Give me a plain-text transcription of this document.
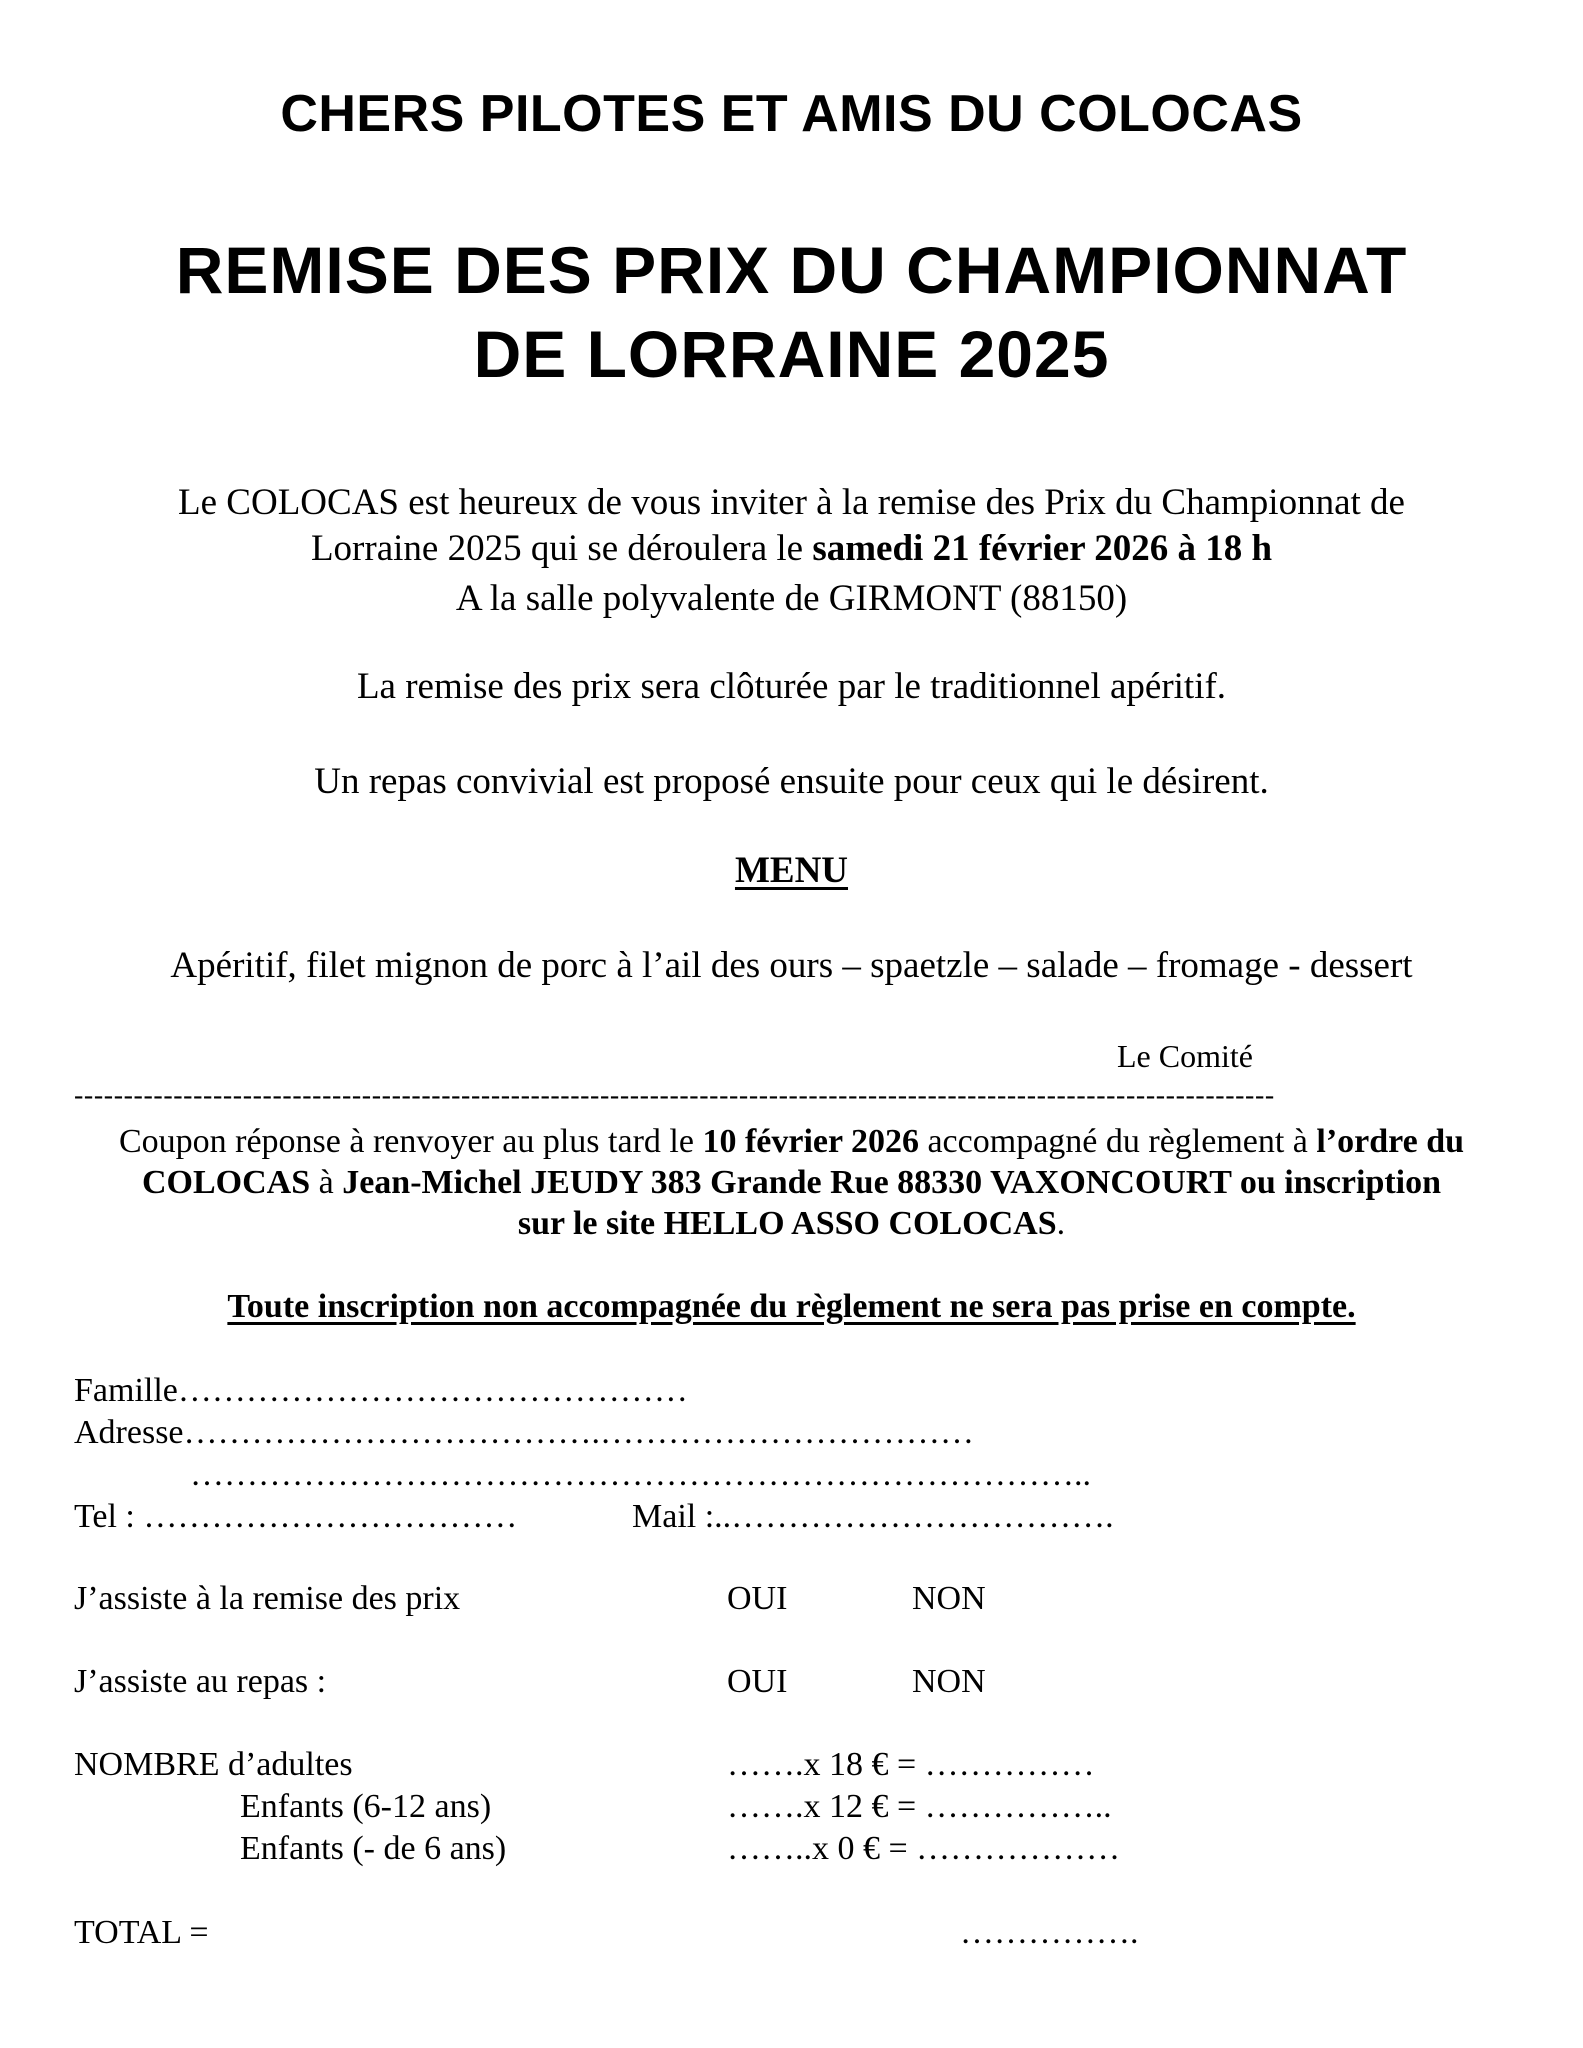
CHERS PILOTES ET AMIS DU COLOCAS
REMISE DES PRIX DU CHAMPIONNAT
DE LORRAINE 2025
Le COLOCAS est heureux de vous inviter à la remise des Prix du Championnat de
Lorraine 2025 qui se déroulera le samedi 21 février 2026 à 18 h
A la salle polyvalente de GIRMONT (88150)
La remise des prix sera clôturée par le traditionnel apéritif.
Un repas convivial est proposé ensuite pour ceux qui le désirent.
MENU
Apéritif, filet mignon de porc à l’ail des ours – spaetzle – salade – fromage - dessert
Le Comité
-------------------------------------------------------------------------------------------------------------------------
Coupon réponse à renvoyer au plus tard le 10 février 2026 accompagné du règlement à l’ordre du
COLOCAS à Jean-Michel JEUDY 383 Grande Rue 88330 VAXONCOURT ou inscription
sur le site HELLO ASSO COLOCAS.
Toute inscription non accompagnée du règlement ne sera pas prise en compte.
Famille………………………………………
Adresse……………………………….……………………………
……………………………………………………………………..
Tel : ……………………………	Mail :..…………………………….
J’assiste à la remise des prix	OUI	NON
J’assiste au repas :	OUI	NON
NOMBRE d’adultes	…….x 18 € = ……………
Enfants (6-12 ans)	…….x 12 € = ……………..
Enfants (- de 6 ans)	……..x 0 € = ………………
TOTAL =	…………….
